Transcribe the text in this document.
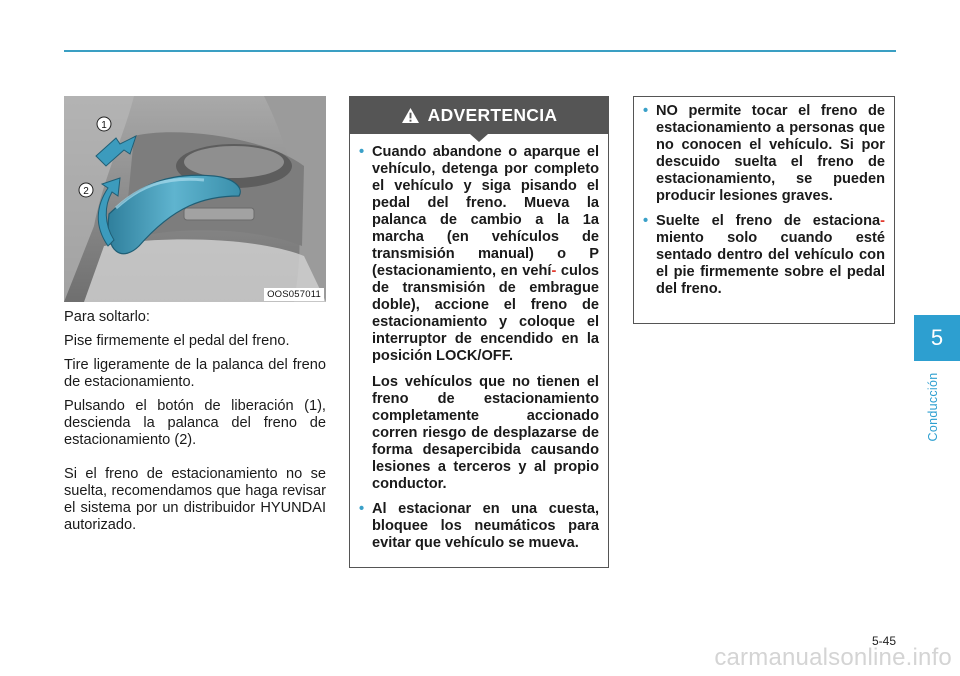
1
2
OOS057011

Para soltarlo:

Pise firmemente el pedal del freno.

Tire ligeramente de la palanca del freno de estacionamiento.

Pulsando el botón de liberación (1), descienda la palanca del freno de estacionamiento (2).

Si el freno de estacionamiento no se suelta, recomendamos que haga revisar el sistema por un distribuidor HYUNDAI autorizado.

ADVERTENCIA
• Cuando abandone o aparque el vehículo, detenga por completo el vehículo y siga pisando el pedal del freno. Mueva la palanca de cambio a la 1a marcha (en vehículos de transmisión manual) o P (estacionamiento, en vehí- culos de transmisión de embrague doble), accione el freno de estacionamiento y coloque el interruptor de encendido en la posición LOCK/OFF.

Los vehículos que no tienen el freno de estacionamiento completamente accionado corren riesgo de desplazarse de forma desapercibida causando lesiones a terceros y al propio conductor.

• Al estacionar en una cuesta, bloquee los neumáticos para evitar que vehículo se mueva.

• NO permite tocar el freno de estacionamiento a personas que no conocen el vehículo. Si por descuido suelta el freno de estacionamiento, se pueden producir lesiones graves.

• Suelte el freno de estaciona- miento solo cuando esté sentado dentro del vehículo con el pie firmemente sobre el pedal del freno.

5
Conducción
5-45
carmanualsonline.info
